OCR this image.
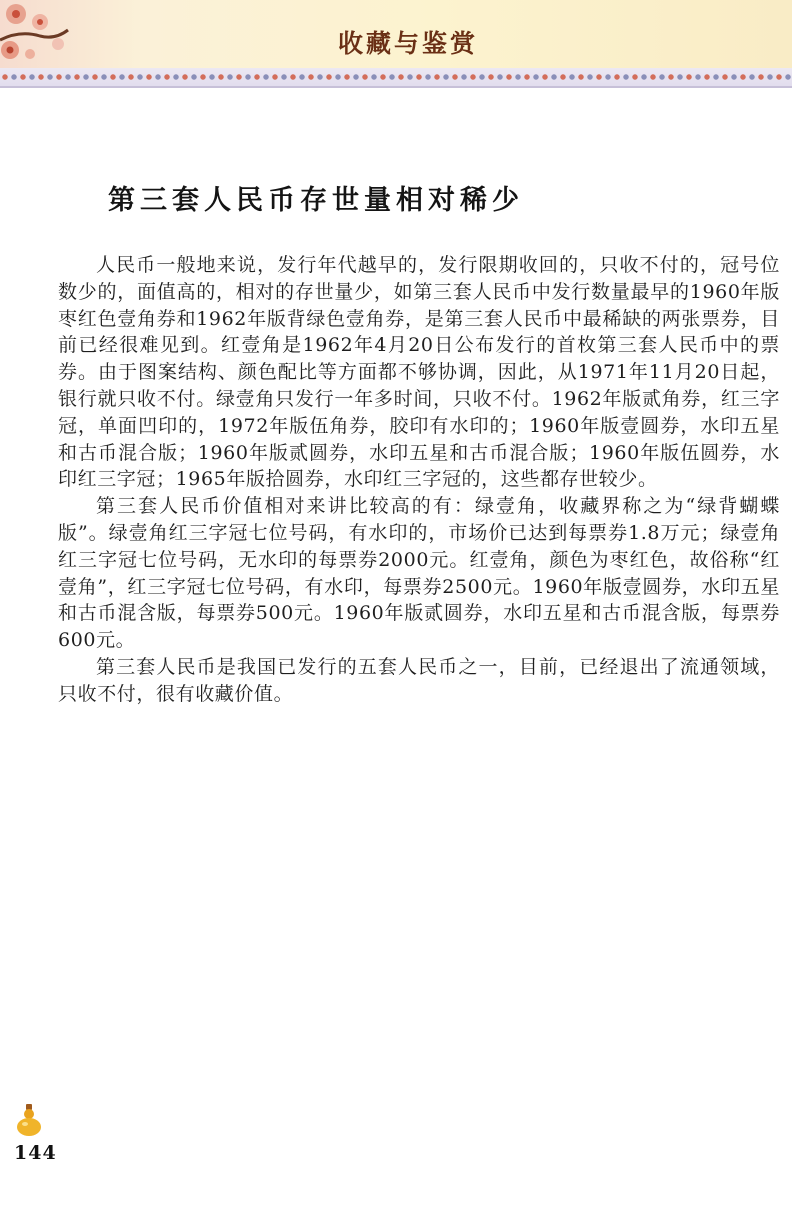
收藏与鉴赏
第三套人民币存世量相对稀少

人民币一般地来说，发行年代越早的，发行限期收回的，只收不付的，冠号位数少的，面值高的，相对的存世量少，如第三套人民币中发行数量最早的1960年版枣红色壹角券和1962年版背绿色壹角券，是第三套人民币中最稀缺的两张票券，目前已经很难见到。红壹角是1962年4月20日公布发行的首枚第三套人民币中的票券。由于图案结构、颜色配比等方面都不够协调，因此，从1971年11月20日起，银行就只收不付。绿壹角只发行一年多时间，只收不付。1962年版贰角券，红三字冠，单面凹印的，1972年版伍角券，胶印有水印的；1960年版壹圆券，水印五星和古币混合版；1960年版贰圆券，水印五星和古币混合版；1960年版伍圆券，水印红三字冠；1965年版拾圆券，水印红三字冠的，这些都存世较少。

第三套人民币价值相对来讲比较高的有：绿壹角，收藏界称之为“绿背蝴蝶版”。绿壹角红三字冠七位号码，有水印的，市场价已达到每票券1.8万元；绿壹角红三字冠七位号码，无水印的每票券2000元。红壹角，颜色为枣红色，故俗称“红壹角”，红三字冠七位号码，有水印，每票券2500元。1960年版壹圆券，水印五星和古币混含版，每票券500元。1960年版贰圆券，水印五星和古币混含版，每票券600元。

第三套人民币是我国已发行的五套人民币之一，目前，已经退出了流通领域，只收不付，很有收藏价值。

144
